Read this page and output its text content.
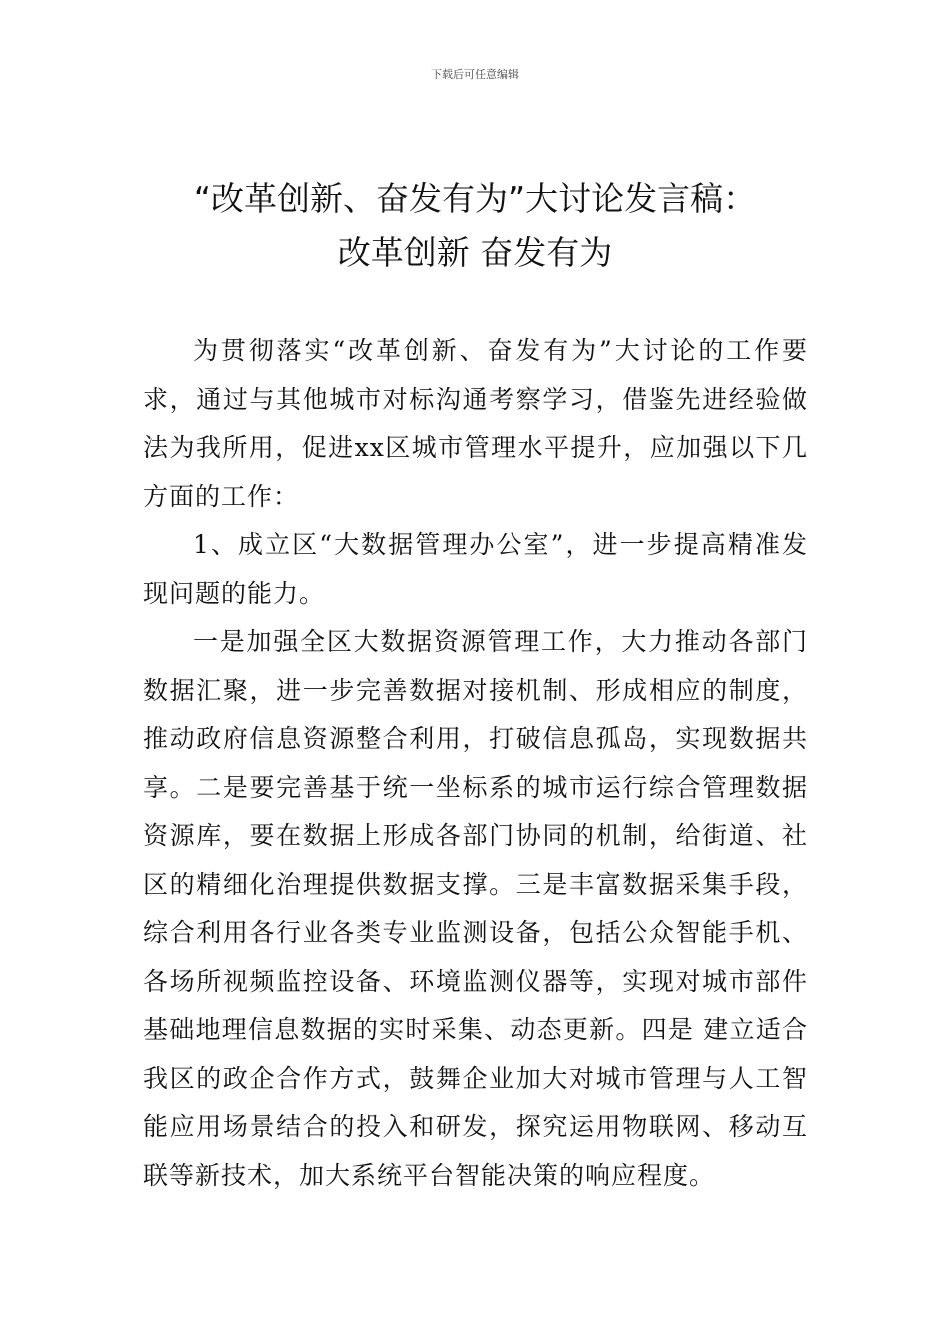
下载后可任意编辑
“改革创新、奋发有为”大讨论发言稿：
改革创新 奋发有为

为贯彻落实“改革创新、奋发有为”大讨论的工作要求，通过与其他城市对标沟通考察学习，借鉴先进经验做法为我所用，促进xx区城市管理水平提升，应加强以下几方面的工作：

1、成立区“大数据管理办公室”，进一步提高精准发现问题的能力。

一是加强全区大数据资源管理工作，大力推动各部门数据汇聚，进一步完善数据对接机制、形成相应的制度，推动政府信息资源整合利用，打破信息孤岛，实现数据共享。二是要完善基于统一坐标系的城市运行综合管理数据资源库，要在数据上形成各部门协同的机制，给街道、社区的精细化治理提供数据支撑。三是丰富数据采集手段，综合利用各行业各类专业监测设备，包括公众智能手机、各场所视频监控设备、环境监测仪器等，实现对城市部件基础地理信息数据的实时采集、动态更新。四是 建立适合我区的政企合作方式，鼓舞企业加大对城市管理与人工智能应用场景结合的投入和研发，探究运用物联网、移动互联等新技术，加大系统平台智能决策的响应程度。
